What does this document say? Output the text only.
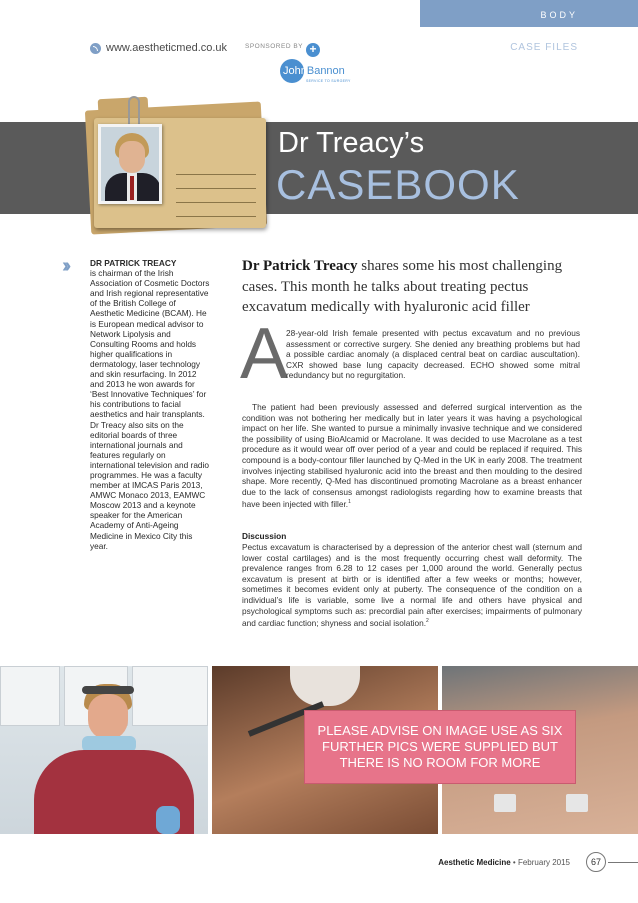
BODY
www.aestheticmed.co.uk	SPONSORED BY +
JohnBannon
SERVICE TO SURGERY
CASE FILES
Dr Treacy’s
CASEBOOK
››	DR PATRICK TREACY
is chairman of the Irish Association of Cosmetic Doctors and Irish regional representative of the British College of Aesthetic Medicine (BCAM). He is European medical advisor to Network Lipolysis and Consulting Rooms and holds higher qualifications in dermatology, laser technology and skin resurfacing. In 2012 and 2013 he won awards for ‘Best Innovative Techniques’ for his contributions to facial aesthetics and hair transplants. Dr Treacy also sits on the editorial boards of three international journals and features regularly on international television and radio programmes. He was a faculty member at IMCAS Paris 2013, AMWC Monaco 2013, EAMWC Moscow 2013 and a keynote speaker for the American Academy of Anti-Ageing Medicine in Mexico City this year.
Dr Patrick Treacy shares some his most challenging cases. This month he talks about treating pectus excavatum medically with hyaluronic acid filler
A
28-year-old Irish female presented with pectus excavatum and no previous assessment or corrective surgery. She denied any breathing problems but had a possible cardiac anomaly (a displaced central beat on cardiac auscultation). CXR showed base lung capacity decreased. ECHO showed some mitral redundancy but no regurgitation.
The patient had been previously assessed and deferred surgical intervention as the condition was not bothering her medically but in later years it was having a psychological impact on her life. She wanted to pursue a minimally invasive technique and we considered the possibility of using BioAlcamid or Macrolane. It was decided to use Macrolane as a test procedure as it would wear off over period of a year and could be replaced if required. This compound is a body-contour filler launched by Q-Med in the UK in early 2008. The treatment involves injecting stabilised hyaluronic acid into the breast and then moulding to the desired shape. More recently, Q-Med has discontinued promoting Macrolane as a breast enhancer due to the lack of consensus amongst radiologists regarding how to examine breasts that have been injected with filler.$^1$
Discussion
Pectus excavatum is characterised by a depression of the anterior chest wall (sternum and lower costal cartilages) and is the most frequently occurring chest wall deformity. The prevalence ranges from 6.28 to 12 cases per 1,000 around the world. Generally pectus excavatum is present at birth or is identified after a few weeks or months; however, sometimes it becomes evident only at puberty. The consequence of the condition on a individual’s life is variable, some live a normal life and others have physical and psychological symptoms such as: precordial pain after exercises; impairments of pulmonary and cardiac function; shyness and social isolation.$^2$
PLEASE ADVISE ON IMAGE USE AS SIX FURTHER PICS WERE SUPPLIED BUT THERE IS NO ROOM FOR MORE
Aesthetic Medicine • February 2015	67
